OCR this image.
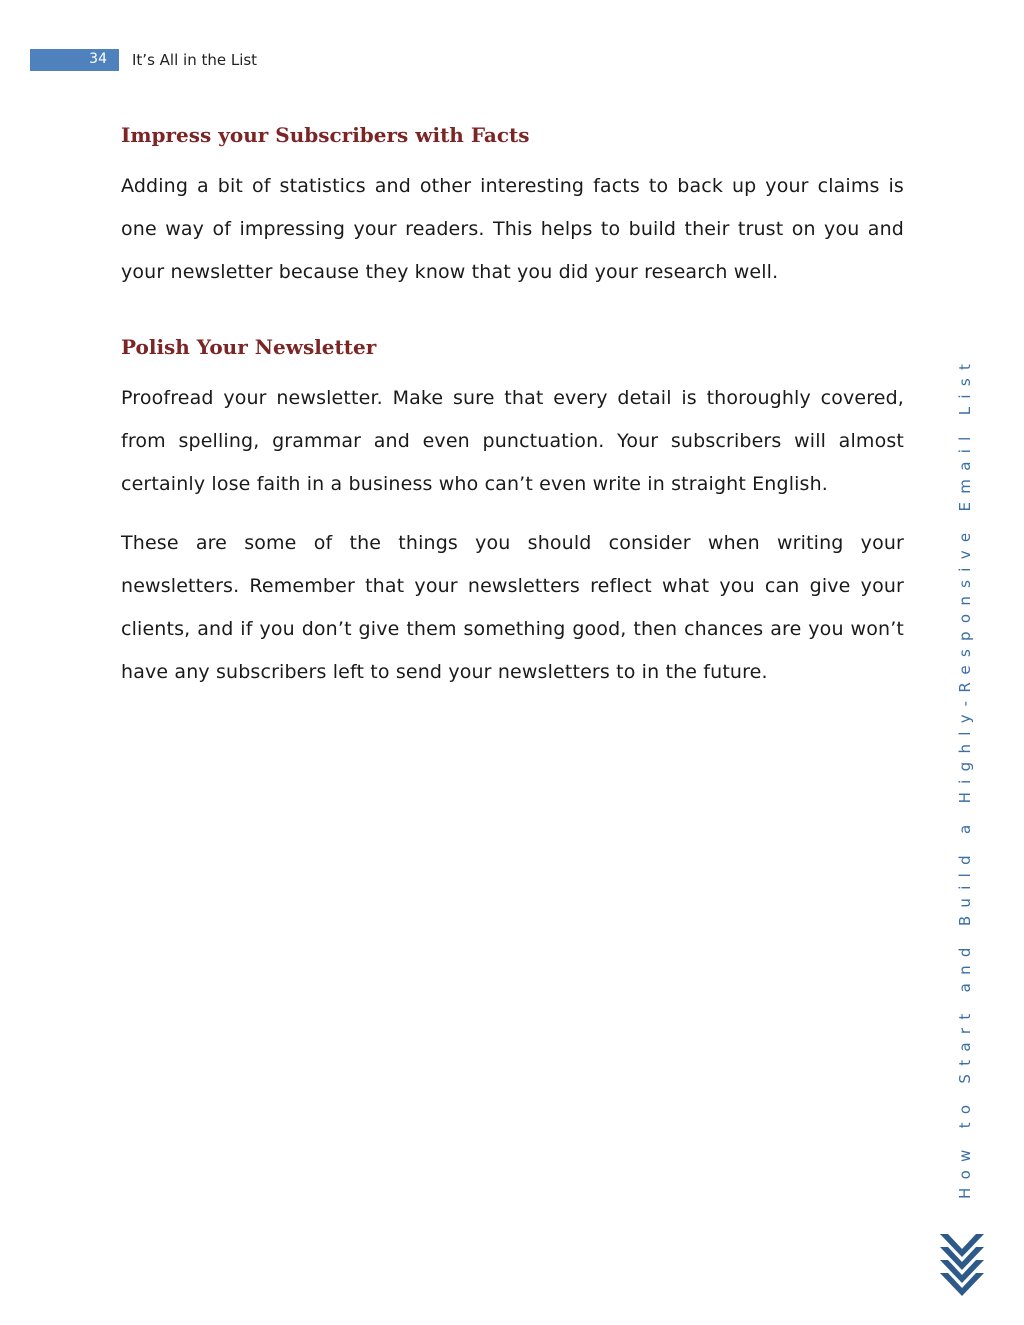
34 It’s All in the List
Impress your Subscribers with Facts

Adding a bit of statistics and other interesting facts to back up your claims is one way of impressing your readers. This helps to build their trust on you and your newsletter because they know that you did your research well.

Polish Your Newsletter

Proofread your newsletter. Make sure that every detail is thoroughly covered, from spelling, grammar and even punctuation. Your subscribers will almost certainly lose faith in a business who can’t even write in straight English.

These are some of the things you should consider when writing your newsletters. Remember that your newsletters reflect what you can give your clients, and if you don’t give them something good, then chances are you won’t have any subscribers left to send your newsletters to in the future.	How to Start and Build a Highly-Responsive Email List
